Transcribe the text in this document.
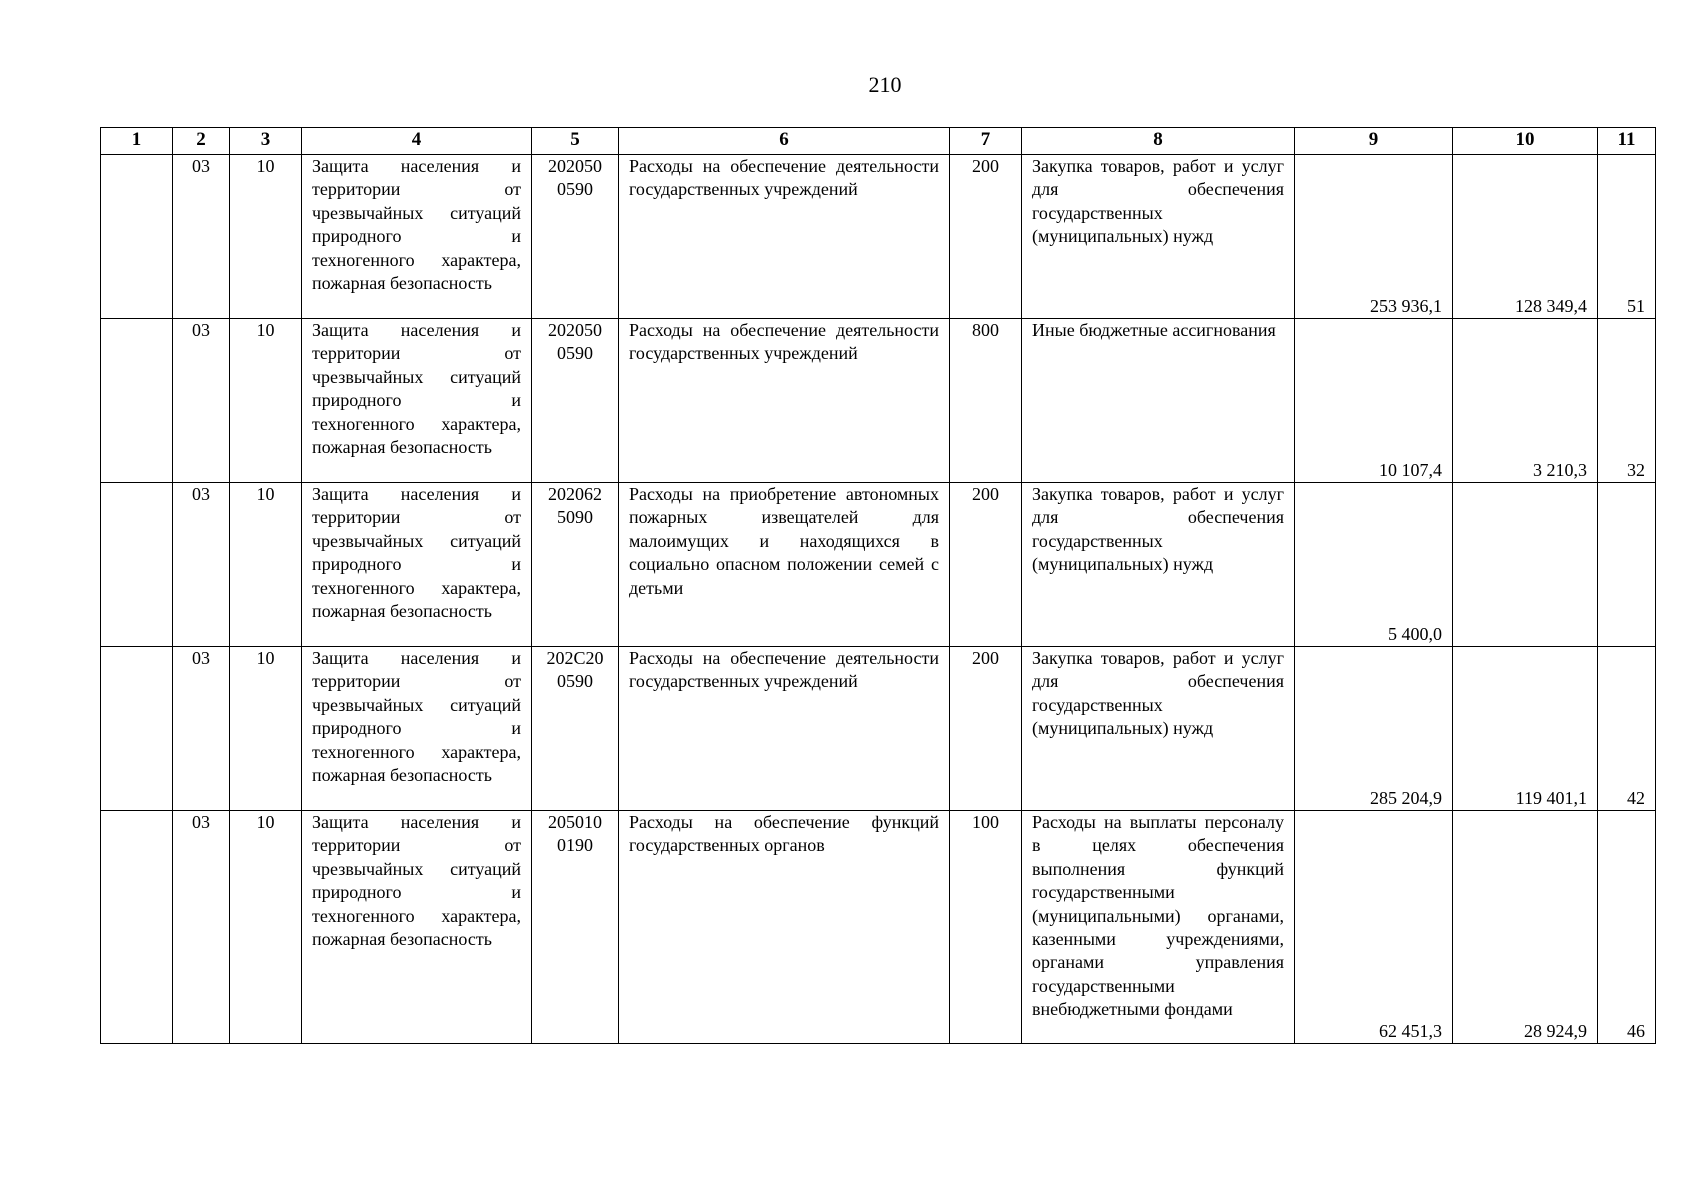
210
1	2	3	4	5	6	7	8	9	10	11
	03	10	Защита населения и территории от чрезвычайных ситуаций природного и техногенного характера, пожарная безопасность	202050 0590	Расходы на обеспечение деятельности государственных учреждений	200	Закупка товаров, работ и услуг для обеспечения государственных (муниципальных) нужд	253 936,1	128 349,4	51
	03	10	Защита населения и территории от чрезвычайных ситуаций природного и техногенного характера, пожарная безопасность	202050 0590	Расходы на обеспечение деятельности государственных учреждений	800	Иные бюджетные ассигнования	10 107,4	3 210,3	32
	03	10	Защита населения и территории от чрезвычайных ситуаций природного и техногенного характера, пожарная безопасность	202062 5090	Расходы на приобретение автономных пожарных извещателей для малоимущих и находящихся в социально опасном положении семей с детьми	200	Закупка товаров, работ и услуг для обеспечения государственных (муниципальных) нужд	5 400,0		
	03	10	Защита населения и территории от чрезвычайных ситуаций природного и техногенного характера, пожарная безопасность	202С20 0590	Расходы на обеспечение деятельности государственных учреждений	200	Закупка товаров, работ и услуг для обеспечения государственных (муниципальных) нужд	285 204,9	119 401,1	42
	03	10	Защита населения и территории от чрезвычайных ситуаций природного и техногенного характера, пожарная безопасность	205010 0190	Расходы на обеспечение функций государственных органов	100	Расходы на выплаты персоналу в целях обеспечения выполнения функций государственными (муниципальными) органами, казенными учреждениями, органами управления государственными внебюджетными фондами	62 451,3	28 924,9	46
